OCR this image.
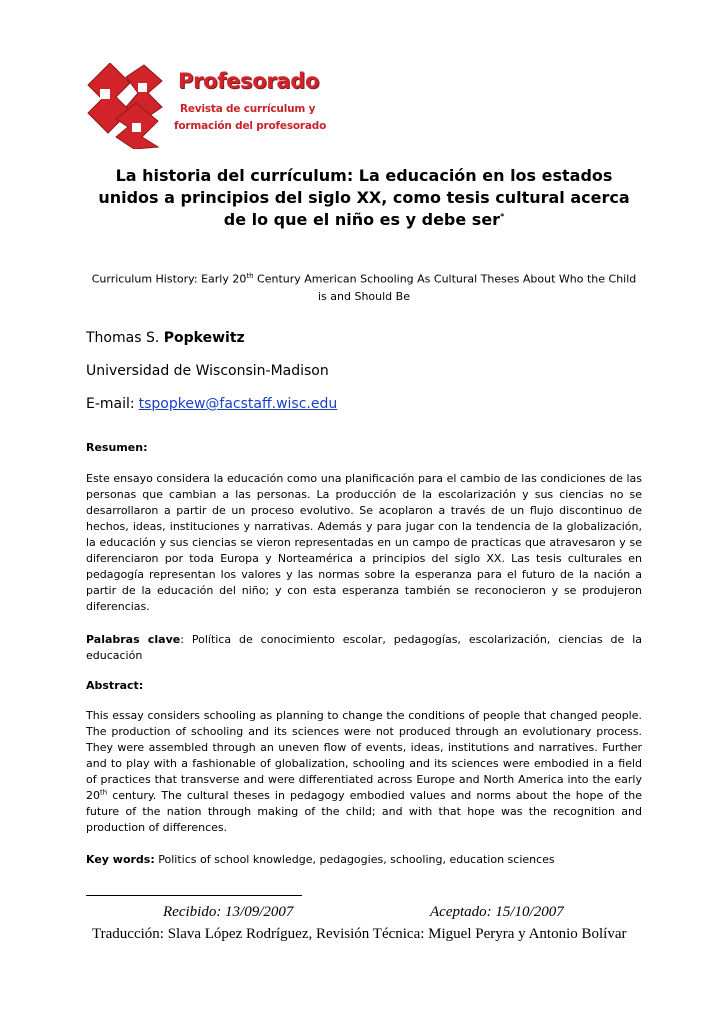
Profesorado
Revista de currículum y
formación del profesorado
La historia del currículum: La educación en los estados unidos a principios del siglo XX, como tesis cultural acerca de lo que el niño es y debe ser*
Curriculum History: Early 20th Century American Schooling As Cultural Theses About Who the Child is and Should Be
Thomas S. Popkewitz
Universidad de Wisconsin-Madison
E-mail: tspopkew@facstaff.wisc.edu
Resumen:
Este ensayo considera la educación como una planificación para el cambio de las condiciones de las personas que cambian a las personas. La producción de la escolarización y sus ciencias no se desarrollaron a partir de un proceso evolutivo. Se acoplaron a través de un flujo discontinuo de hechos, ideas, instituciones y narrativas. Además y para jugar con la tendencia de la globalización, la educación y sus ciencias se vieron representadas en un campo de practicas que atravesaron y se diferenciaron por toda Europa y Norteamérica a principios del siglo XX. Las tesis culturales en pedagogía representan los valores y las normas sobre la esperanza para el futuro de la nación a partir de la educación del niño; y con esta esperanza también se reconocieron y se produjeron diferencias.
Palabras clave: Política de conocimiento escolar, pedagogías, escolarización, ciencias de la educación
Abstract:
This essay considers schooling as planning to change the conditions of people that changed people. The production of schooling and its sciences were not produced through an evolutionary process. They were assembled through an uneven flow of events, ideas, institutions and narratives. Further and to play with a fashionable of globalization, schooling and its sciences were embodied in a field of practices that transverse and were differentiated across Europe and North America into the early 20th century. The cultural theses in pedagogy embodied values and norms about the hope of the future of the nation through making of the child; and with that hope was the recognition and production of differences.
Key words: Politics of school knowledge, pedagogies, schooling, education sciences
Recibido: 13/09/2007	Aceptado: 15/10/2007
Traducción: Slava López Rodríguez, Revisión Técnica: Miguel Peryra y Antonio Bolívar
